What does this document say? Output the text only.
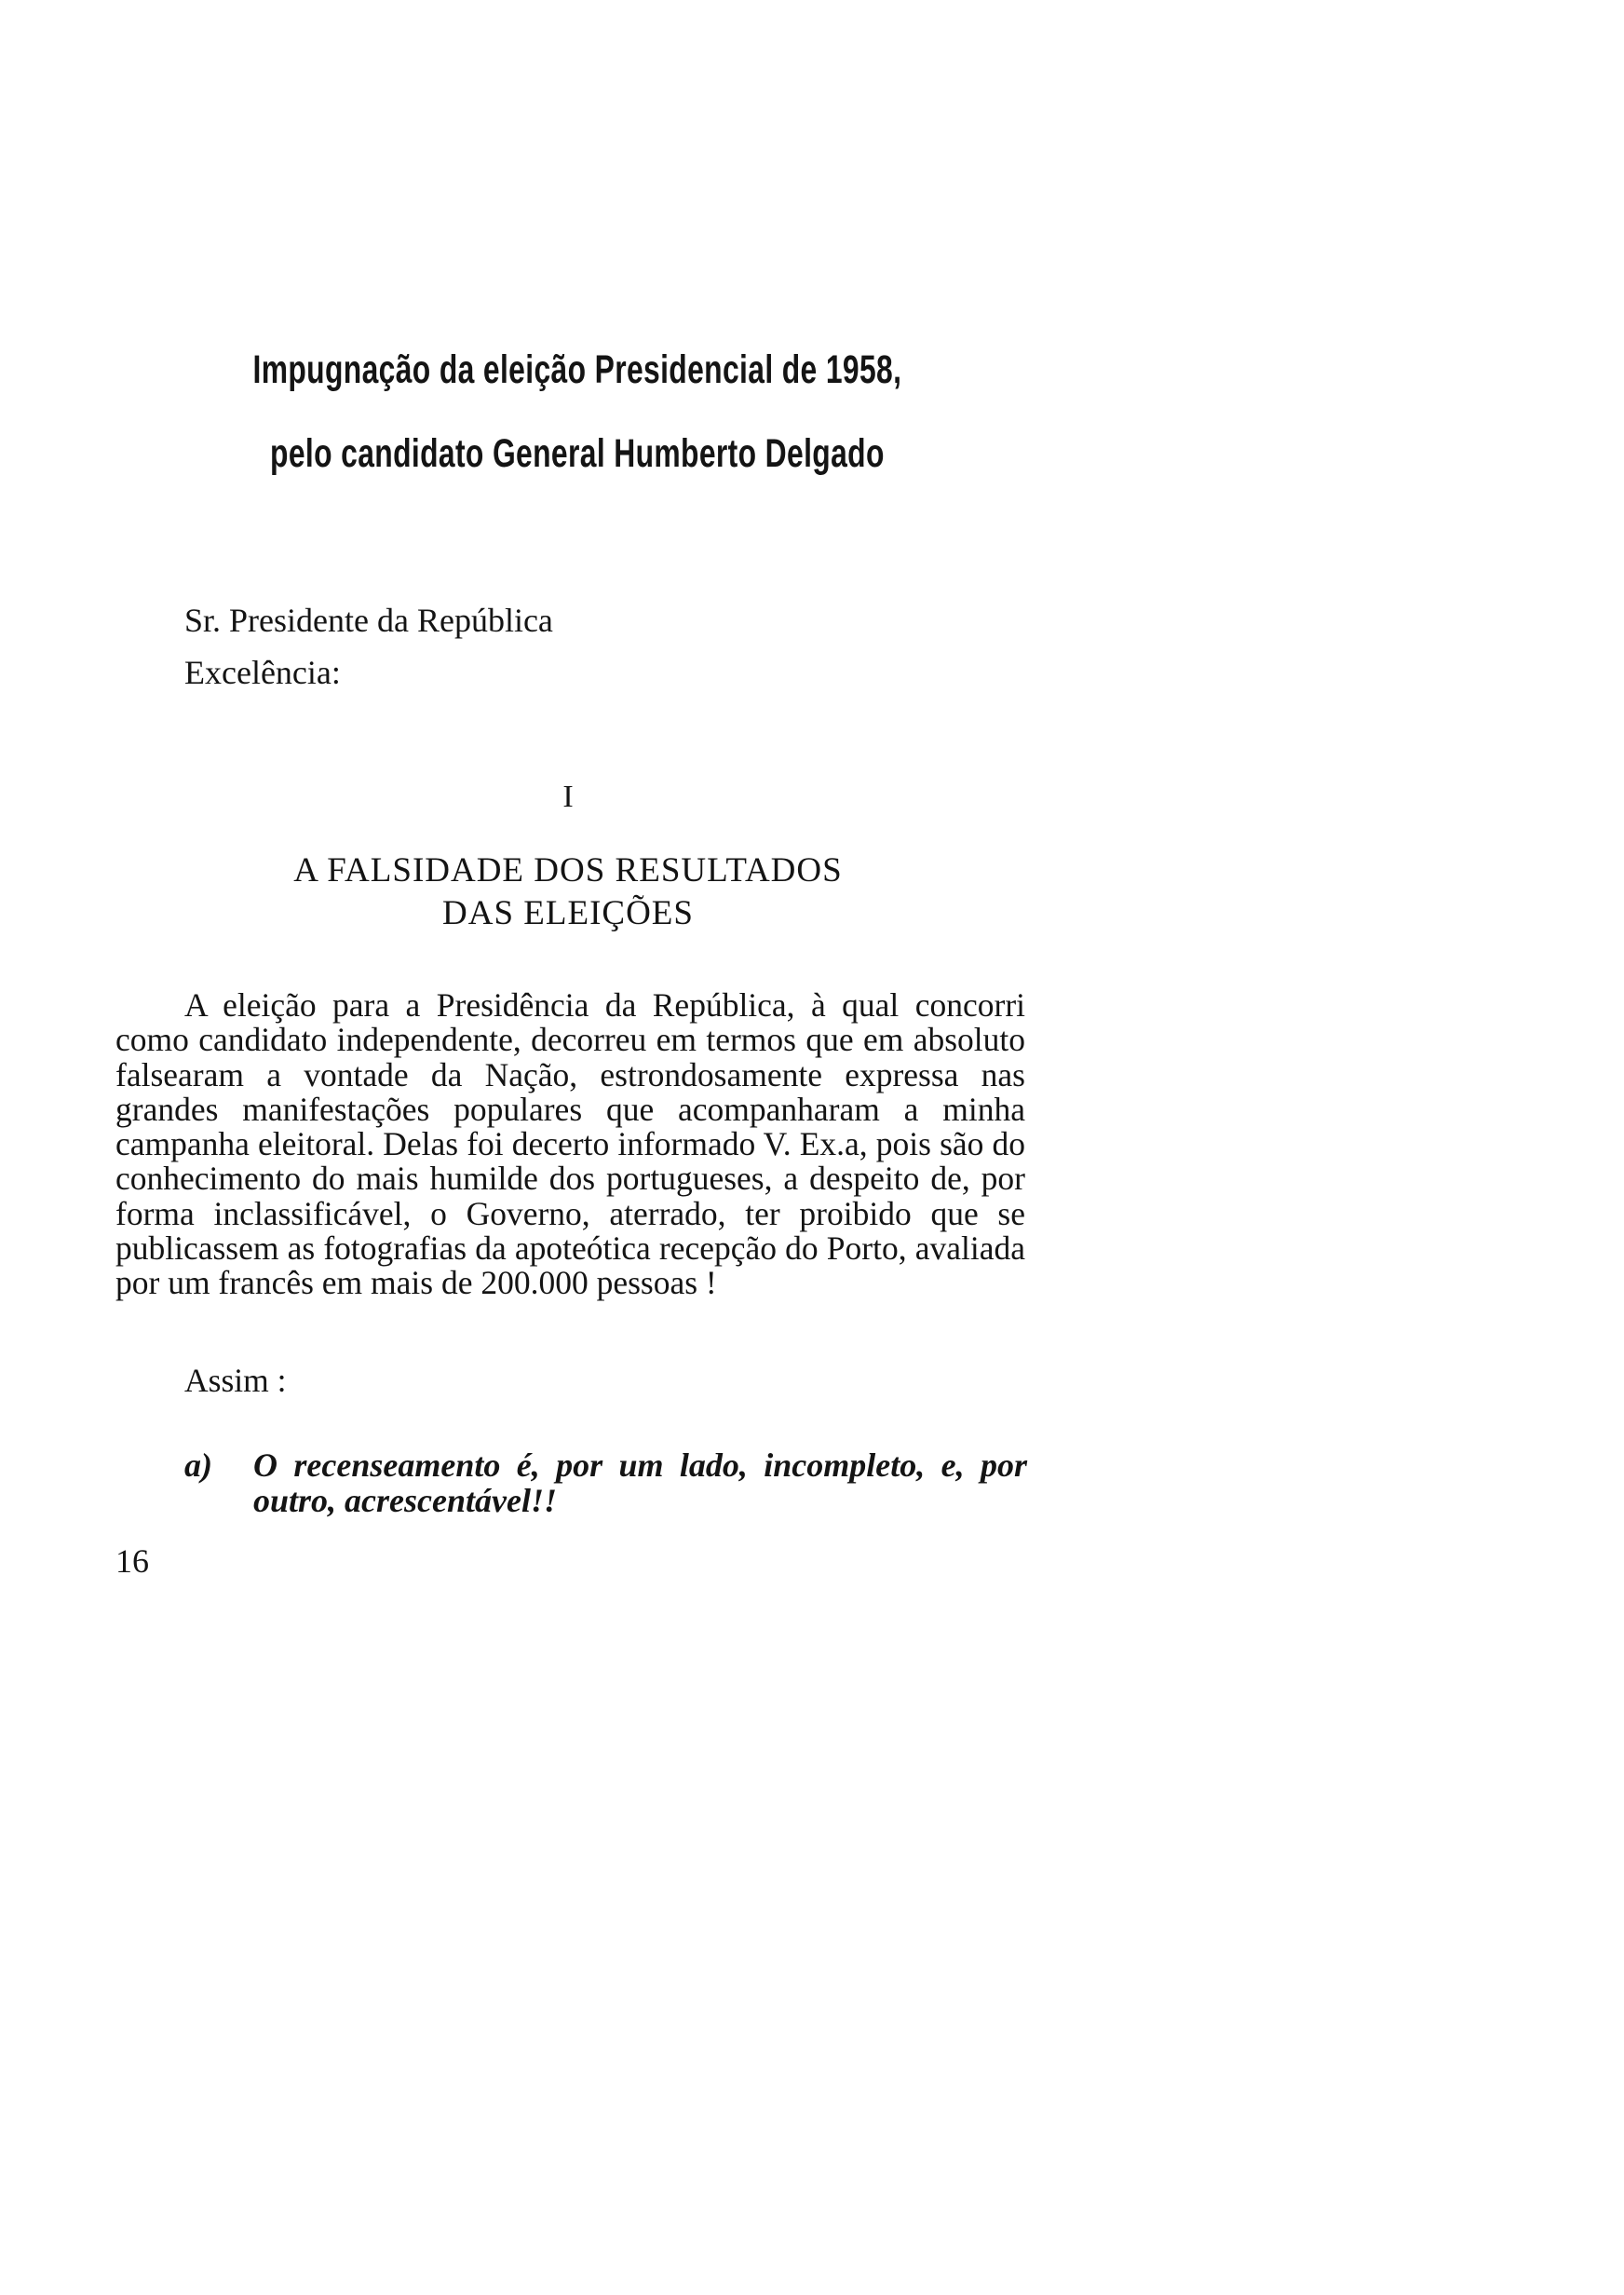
Impugnação da eleição Presidencial de 1958,
pelo candidato General Humberto Delgado
Sr. Presidente da República
Excelência:
I
A FALSIDADE DOS RESULTADOS
DAS ELEIÇÕES

A eleição para a Presidência da República, à qual concorri como candidato independente, decorreu em termos que em absoluto falsearam a vontade da Nação, estrondosamente expressa nas grandes manifestações populares que acompanharam a minha campanha eleitoral. Delas foi decerto informado V. Ex.a, pois são do conhecimento do mais humilde dos portugueses, a despeito de, por forma inclassificável, o Governo, aterrado, ter proibido que se publicassem as fotografias da apoteótica recepção do Porto, avaliada por um francês em mais de 200.000 pessoas !

Assim :
a) O recenseamento é, por um lado, incompleto, e, por outro, acrescentável!!
16
